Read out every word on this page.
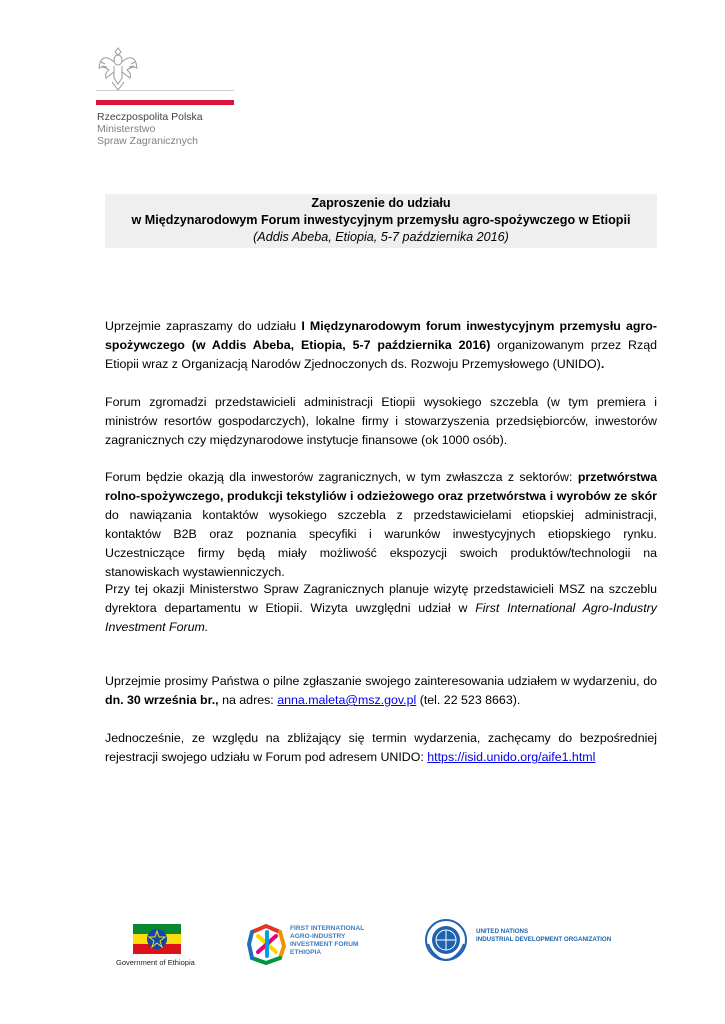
Rzeczpospolita Polska
Ministerstwo
Spraw Zagranicznych
Zaproszenie do udziału
w Międzynarodowym Forum inwestycyjnym przemysłu agro-spożywczego w Etiopii
(Addis Abeba, Etiopia, 5-7 października 2016)
Uprzejmie zapraszamy do udziału I Międzynarodowym forum inwestycyjnym przemysłu agro-spożywczego (w Addis Abeba, Etiopia, 5-7 października 2016) organizowanym przez Rząd Etiopii wraz z Organizacją Narodów Zjednoczonych ds. Rozwoju Przemysłowego (UNIDO).
Forum zgromadzi przedstawicieli administracji Etiopii wysokiego szczebla (w tym premiera i ministrów resortów gospodarczych), lokalne firmy i stowarzyszenia przedsiębiorców, inwestorów zagranicznych czy międzynarodowe instytucje finansowe (ok 1000 osób).
Forum będzie okazją dla inwestorów zagranicznych, w tym zwłaszcza z sektorów: przetwórstwa rolno-spożywczego, produkcji tekstyliów i odzieżowego oraz przetwórstwa i wyrobów ze skór do nawiązania kontaktów wysokiego szczebla z przedstawicielami etiopskiej administracji, kontaktów B2B oraz poznania specyfiki i warunków inwestycyjnych etiopskiego rynku. Uczestniczące firmy będą miały możliwość ekspozycji swoich produktów/technologii na stanowiskach wystawienniczych.
Przy tej okazji Ministerstwo Spraw Zagranicznych planuje wizytę przedstawicieli MSZ na szczeblu dyrektora departamentu w Etiopii. Wizyta uwzględni udział w First International Agro-Industry Investment Forum.
Uprzejmie prosimy Państwa o pilne zgłaszanie swojego zainteresowania udziałem w wydarzeniu, do dn. 30 września br., na adres: anna.maleta@msz.gov.pl (tel. 22 523 8663).
Jednocześnie, ze względu na zbliżający się termin wydarzenia, zachęcamy do bezpośredniej rejestracji swojego udziału w Forum pod adresem UNIDO: https://isid.unido.org/aife1.html
Government of Ethiopia
FIRST INTERNATIONAL
AGRO-INDUSTRY
INVESTMENT FORUM
ETHIOPIA
UNITED NATIONS
INDUSTRIAL DEVELOPMENT ORGANIZATION
